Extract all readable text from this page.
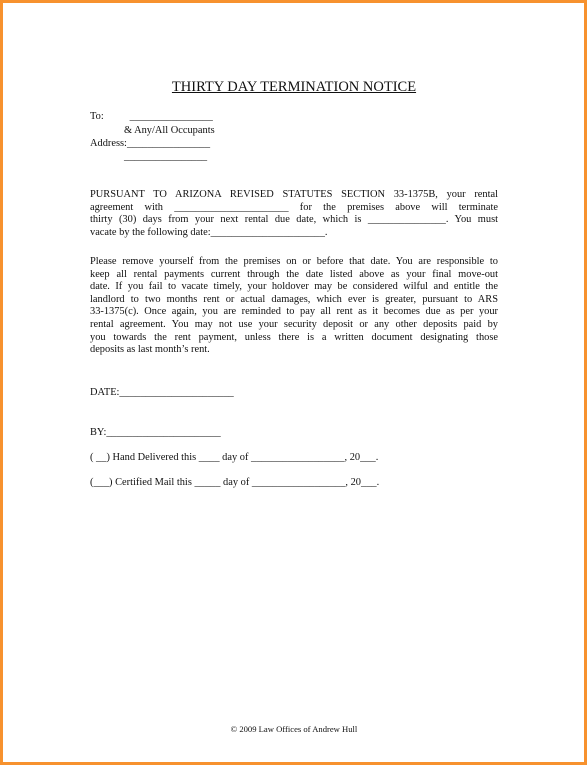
THIRTY DAY TERMINATION NOTICE
To:          ________________
& Any/All Occupants
Address:________________
________________
PURSUANT TO ARIZONA REVISED STATUTES SECTION 33-1375B, your rental
agreement with ______________________ for the premises above will terminate
thirty (30) days from your next rental due date, which is _______________. You must
vacate by the following date:______________________.
Please remove yourself from the premises on or before that date. You are responsible to
keep all rental payments current through the date listed above as your final move-out
date. If you fail to vacate timely, your holdover may be considered wilful and entitle the
landlord to two months rent or actual damages, which ever is greater, pursuant to ARS
33-1375(c). Once again, you are reminded to pay all rent as it becomes due as per your
rental agreement. You may not use your security deposit or any other deposits paid by
you towards the rent payment, unless there is a written document designating those
deposits as last month’s rent.
DATE:______________________
BY:______________________
( __) Hand Delivered this ____ day of __________________, 20___.
(___) Certified Mail this _____ day of __________________, 20___.
© 2009 Law Offices of Andrew Hull
